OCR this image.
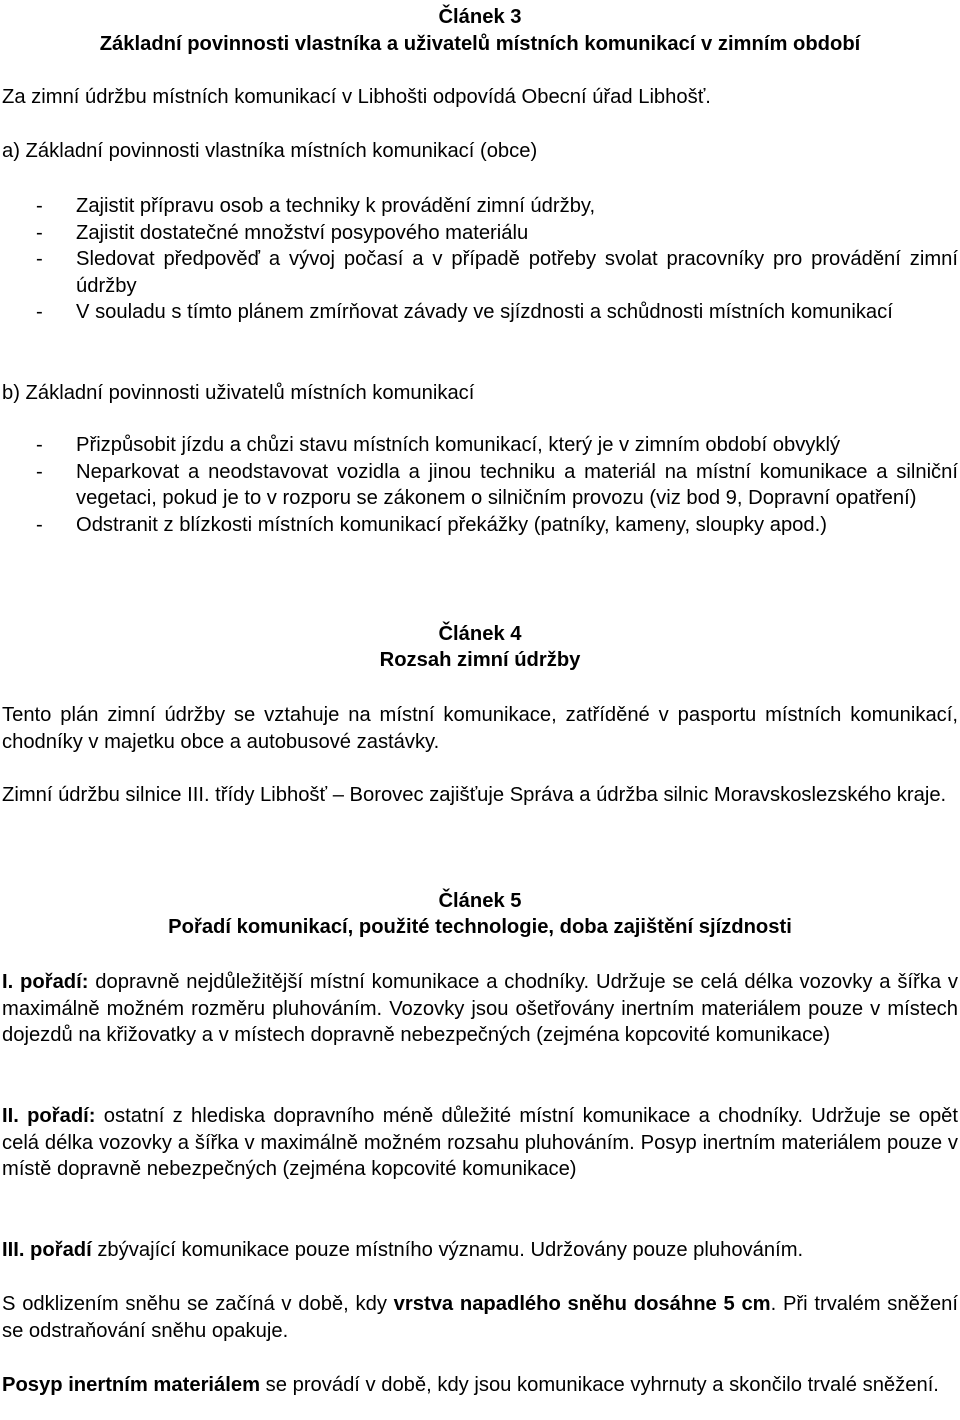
Článek 3
Základní povinnosti vlastníka a uživatelů místních komunikací v zimním období
Za zimní údržbu místních komunikací v Libhošti odpovídá Obecní úřad Libhošť.
a) Základní povinnosti vlastníka místních komunikací (obce)
- Zajistit přípravu osob a techniky k provádění zimní údržby,
- Zajistit dostatečné množství posypového materiálu
- Sledovat předpověď a vývoj počasí a v případě potřeby svolat pracovníky pro provádění zimní údržby
- V souladu s tímto plánem zmírňovat závady ve sjízdnosti a schůdnosti místních komunikací
b) Základní povinnosti uživatelů místních komunikací
- Přizpůsobit jízdu a chůzi stavu místních komunikací, který je v zimním období obvyklý
- Neparkovat a neodstavovat vozidla a jinou techniku a materiál na místní komunikace a silniční vegetaci, pokud je to v rozporu se zákonem o silničním provozu (viz bod 9, Dopravní opatření)
- Odstranit z blízkosti místních komunikací překážky (patníky, kameny, sloupky apod.)
Článek 4
Rozsah zimní údržby
Tento plán zimní údržby se vztahuje na místní komunikace, zatříděné v pasportu místních komunikací, chodníky v majetku obce a autobusové zastávky.
Zimní údržbu silnice III. třídy Libhošť – Borovec zajišťuje Správa a údržba silnic Moravskoslezského kraje.
Článek 5
Pořadí komunikací, použité technologie, doba zajištění sjízdnosti
I. pořadí: dopravně nejdůležitější místní komunikace a chodníky. Udržuje se celá délka vozovky a šířka v maximálně možném rozměru pluhováním. Vozovky jsou ošetřovány inertním materiálem pouze v místech dojezdů na křižovatky a v místech dopravně nebezpečných (zejména kopcovité komunikace)
II. pořadí: ostatní z hlediska dopravního méně důležité místní komunikace a chodníky. Udržuje se opět celá délka vozovky a šířka v maximálně možném rozsahu pluhováním. Posyp inertním materiálem pouze v místě dopravně nebezpečných (zejména kopcovité komunikace)
III. pořadí zbývající komunikace pouze místního významu. Udržovány pouze pluhováním.
S odklizením sněhu se začíná v době, kdy vrstva napadlého sněhu dosáhne 5 cm. Při trvalém sněžení se odstraňování sněhu opakuje.
Posyp inertním materiálem se provádí v době, kdy jsou komunikace vyhrnuty a skončilo trvalé sněžení.
